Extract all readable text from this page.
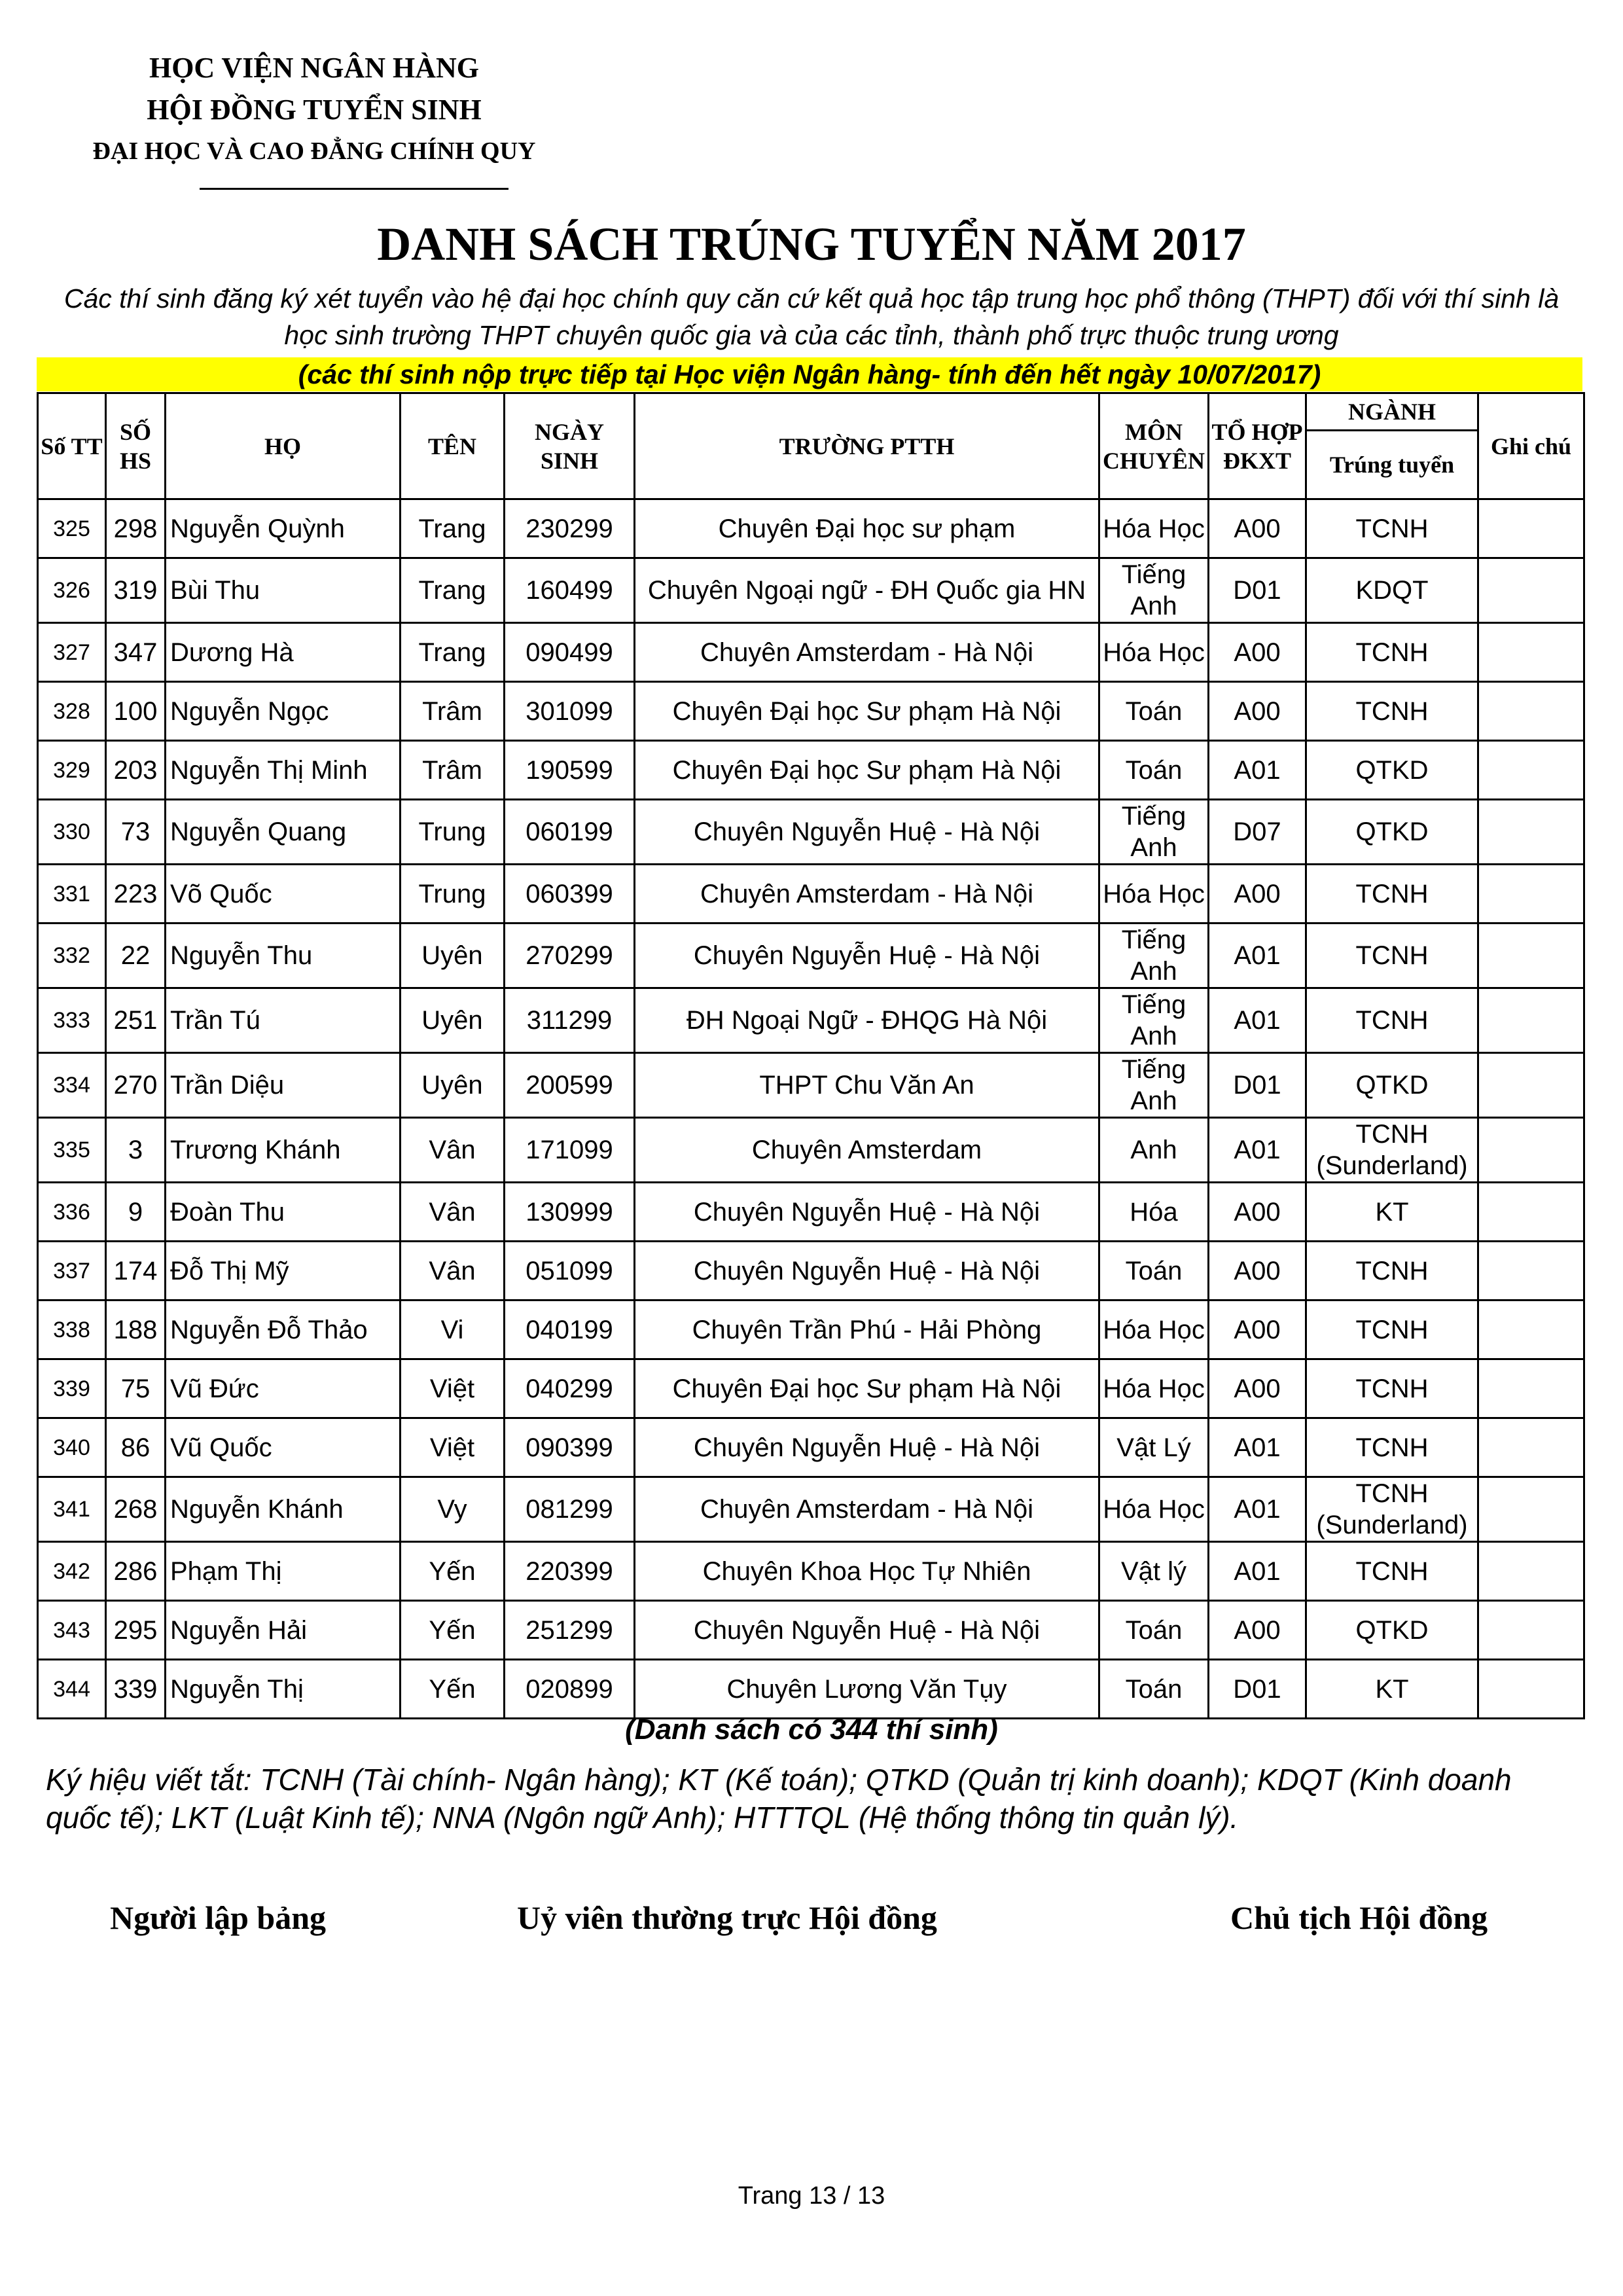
HỌC VIỆN NGÂN HÀNG
HỘI ĐỒNG TUYỂN SINH
ĐẠI HỌC VÀ CAO ĐẲNG CHÍNH QUY
DANH SÁCH TRÚNG TUYỂN NĂM 2017
Các thí sinh đăng ký xét tuyển vào hệ đại học chính quy căn cứ kết quả học tập trung học phổ thông (THPT) đối với thí sinh là học sinh trường THPT chuyên quốc gia và của các tỉnh, thành phố trực thuộc trung ương
(các thí sinh nộp trực tiếp tại Học viện Ngân hàng- tính đến hết ngày 10/07/2017)
Số TT	SỐ HS	HỌ	TÊN	NGÀY SINH	TRƯỜNG PTTH	MÔN CHUYÊN	TỔ HỢP ĐKXT	NGÀNH	Ghi chú
								Trúng tuyển	
325	298	Nguyễn Quỳnh	Trang	230299	Chuyên Đại học sư phạm	Hóa Học	A00	TCNH	
326	319	Bùi Thu	Trang	160499	Chuyên Ngoại ngữ - ĐH Quốc gia HN	Tiếng Anh	D01	KDQT	
327	347	Dương Hà	Trang	090499	Chuyên Amsterdam - Hà Nội	Hóa Học	A00	TCNH	
328	100	Nguyễn Ngọc	Trâm	301099	Chuyên Đại học Sư phạm Hà Nội	Toán	A00	TCNH	
329	203	Nguyễn Thị Minh	Trâm	190599	Chuyên Đại học Sư phạm Hà Nội	Toán	A01	QTKD	
330	73	Nguyễn Quang	Trung	060199	Chuyên Nguyễn Huệ - Hà Nội	Tiếng Anh	D07	QTKD	
331	223	Võ Quốc	Trung	060399	Chuyên Amsterdam - Hà Nội	Hóa Học	A00	TCNH	
332	22	Nguyễn Thu	Uyên	270299	Chuyên Nguyễn Huệ - Hà Nội	Tiếng Anh	A01	TCNH	
333	251	Trần Tú	Uyên	311299	ĐH Ngoại Ngữ - ĐHQG Hà Nội	Tiếng Anh	A01	TCNH	
334	270	Trần Diệu	Uyên	200599	THPT Chu Văn An	Tiếng Anh	D01	QTKD	
335	3	Trương Khánh	Vân	171099	Chuyên Amsterdam	Anh	A01	TCNH (Sunderland)	
336	9	Đoàn Thu	Vân	130999	Chuyên Nguyễn Huệ - Hà Nội	Hóa	A00	KT	
337	174	Đỗ Thị Mỹ	Vân	051099	Chuyên Nguyễn Huệ - Hà Nội	Toán	A00	TCNH	
338	188	Nguyễn Đỗ Thảo	Vi	040199	Chuyên Trần Phú - Hải Phòng	Hóa Học	A00	TCNH	
339	75	Vũ Đức	Việt	040299	Chuyên Đại học Sư phạm Hà Nội	Hóa Học	A00	TCNH	
340	86	Vũ Quốc	Việt	090399	Chuyên Nguyễn Huệ - Hà Nội	Vật Lý	A01	TCNH	
341	268	Nguyễn Khánh	Vy	081299	Chuyên Amsterdam - Hà Nội	Hóa Học	A01	TCNH (Sunderland)	
342	286	Phạm Thị	Yến	220399	Chuyên Khoa Học Tự Nhiên	Vật lý	A01	TCNH	
343	295	Nguyễn Hải	Yến	251299	Chuyên Nguyễn Huệ - Hà Nội	Toán	A00	QTKD	
344	339	Nguyễn Thị	Yến	020899	Chuyên Lương Văn Tụy	Toán	D01	KT	
(Danh sách có 344 thí sinh)
Ký hiệu viết tắt: TCNH (Tài chính- Ngân hàng); KT (Kế toán); QTKD (Quản trị kinh doanh); KDQT (Kinh doanh quốc tế); LKT (Luật Kinh tế); NNA (Ngôn ngữ Anh); HTTTQL (Hệ thống thông tin quản lý).
Người lập bảng	Uỷ viên thường trực Hội đồng	Chủ tịch Hội đồng
Trang 13 / 13
